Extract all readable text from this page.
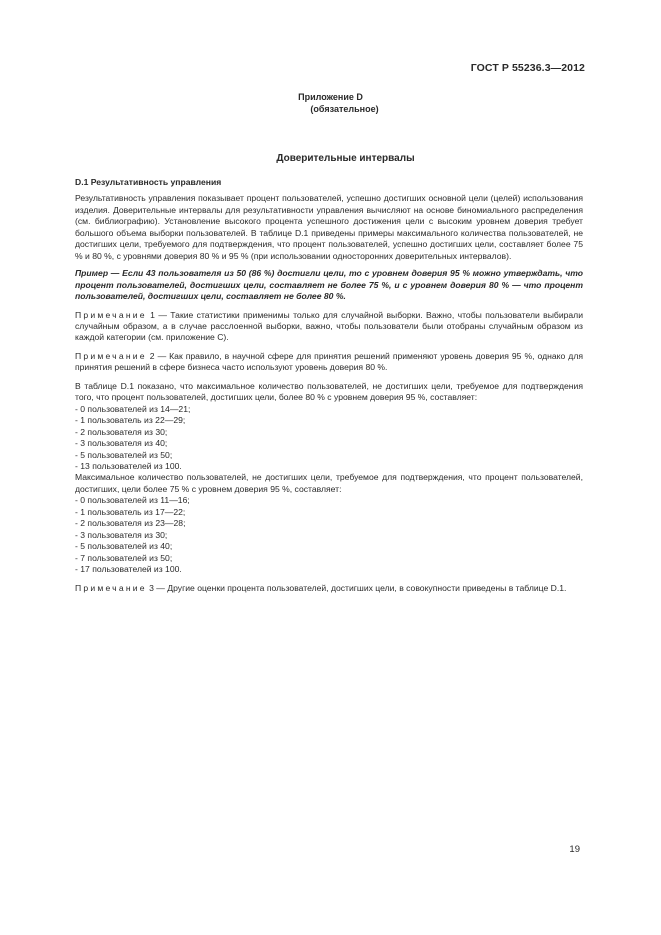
ГОСТ Р 55236.3—2012
Приложение D
(обязательное)
Доверительные интервалы
D.1 Результативность управления

Результативность управления показывает процент пользователей, успешно достигших основной цели (целей) использования изделия. Доверительные интервалы для результативности управления вычисляют на основе биномиального распределения (см. библиографию). Установление высокого процента успешного достижения цели с высоким уровнем доверия требует большого объема выборки пользователей. В таблице D.1 приведены примеры максимального количества пользователей, не достигших цели, требуемого для подтверждения, что процент пользователей, успешно достигших цели, составляет более 75 % и 80 %, с уровнями доверия 80 % и 95 % (при использовании односторонних доверительных интервалов).

Пример — Если 43 пользователя из 50 (86 %) достигли цели, то с уровнем доверия 95 % можно утверждать, что процент пользователей, достигших цели, составляет не более 75 %, и с уровнем доверия 80 % — что процент пользователей, достигших цели, составляет не более 80 %.

Примечание 1 — Такие статистики применимы только для случайной выборки. Важно, чтобы пользователи выбирали случайным образом, а в случае расслоенной выборки, важно, чтобы пользователи были отобраны случайным образом из каждой категории (см. приложение С).

Примечание 2 — Как правило, в научной сфере для принятия решений применяют уровень доверия 95 %, однако для принятия решений в сфере бизнеса часто используют уровень доверия 80 %.

В таблице D.1 показано, что максимальное количество пользователей, не достигших цели, требуемое для подтверждения того, что процент пользователей, достигших цели, более 80 % с уровнем доверия 95 %, составляет:

- 0 пользователей из 14—21;
- 1 пользователь из 22—29;
- 2 пользователя из 30;
- 3 пользователя из 40;
- 5 пользователей из 50;
- 13 пользователей из 100.

Максимальное количество пользователей, не достигших цели, требуемое для подтверждения, что процент пользователей, достигших, цели более 75 % с уровнем доверия 95 %, составляет:

- 0 пользователей из 11—16;
- 1 пользователь из 17—22;
- 2 пользователя из 23—28;
- 3 пользователя из 30;
- 5 пользователей из 40;
- 7 пользователей из 50;
- 17 пользователей из 100.

Примечание 3 — Другие оценки процента пользователей, достигших цели, в совокупности приведены в таблице D.1.

19
